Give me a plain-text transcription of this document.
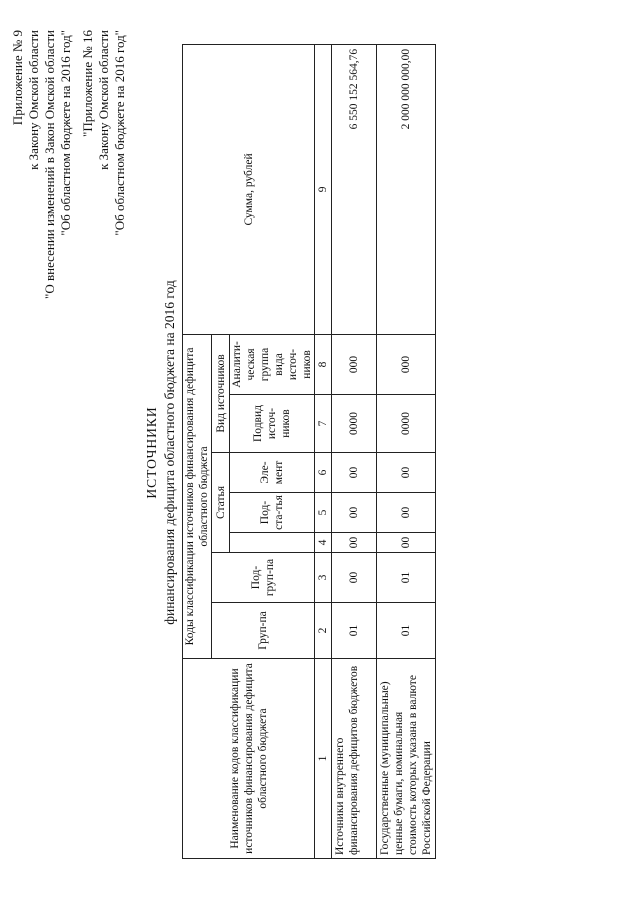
Приложение № 9 к Закону Омской области "О внесении изменений в Закон Омской области "Об областном бюджете на 2016 год" "Приложение № 16 к Закону Омской области "Об областном бюджете на 2016 год"
ИСТОЧНИКИ финансирования дефицита областного бюджета на 2016 год
Наименование кодов классификации источников финансирования дефицита областного бюджета	Коды классификации источников финансирования дефицита областного бюджета							Сумма, рублей
	Груп-па	Под-груп-па	Статья			Вид источников		
				Под-ста-тья	Эле-мент	Подвид источ-ников	Аналити-ческая группа вида источ-ников	
1	2	3	4	5	6	7	8	9
Источники внутреннего финансирования дефицитов бюджетов	01	00	00	00	00	0000	000	6 550 152 564,76
Государственные (муниципальные) ценные бумаги, номинальная стоимость которых указана в валюте Российской Федерации	01	01	00	00	00	0000	000	2 000 000 000,00
